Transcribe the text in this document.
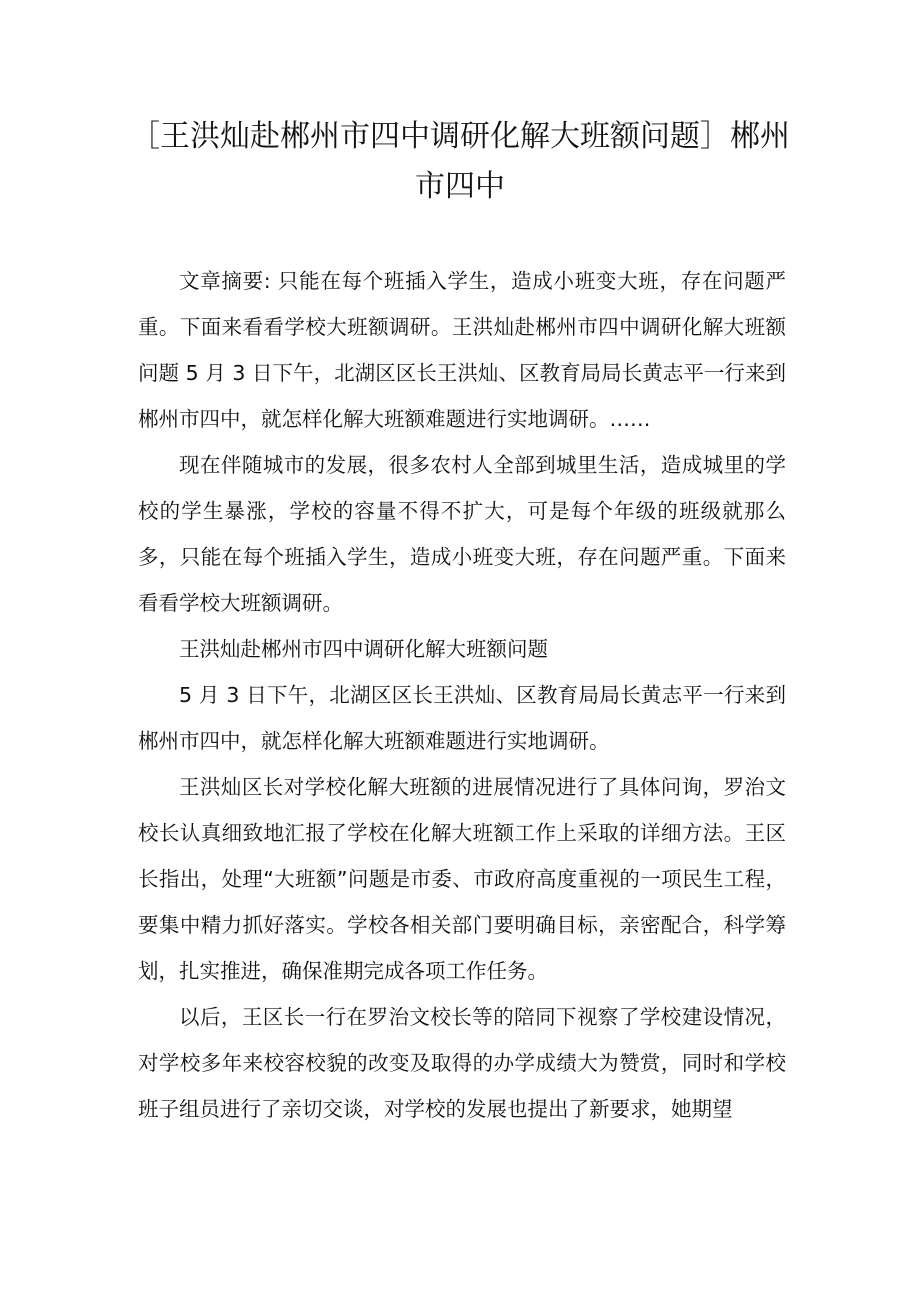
［王洪灿赴郴州市四中调研化解大班额问题］郴州市四中

文章摘要: 只能在每个班插入学生，造成小班变大班，存在问题严重。下面来看看学校大班额调研。王洪灿赴郴州市四中调研化解大班额问题 5 月 3 日下午，北湖区区长王洪灿、区教育局局长黄志平一行来到郴州市四中，就怎样化解大班额难题进行实地调研。……

现在伴随城市的发展，很多农村人全部到城里生活，造成城里的学校的学生暴涨，学校的容量不得不扩大，可是每个年级的班级就那么多，只能在每个班插入学生，造成小班变大班，存在问题严重。下面来看看学校大班额调研。

王洪灿赴郴州市四中调研化解大班额问题

5 月 3 日下午，北湖区区长王洪灿、区教育局局长黄志平一行来到郴州市四中，就怎样化解大班额难题进行实地调研。

王洪灿区长对学校化解大班额的进展情况进行了具体问询，罗治文校长认真细致地汇报了学校在化解大班额工作上采取的详细方法。王区长指出，处理“大班额”问题是市委、市政府高度重视的一项民生工程，要集中精力抓好落实。学校各相关部门要明确目标，亲密配合，科学筹划，扎实推进，确保准期完成各项工作任务。

以后，王区长一行在罗治文校长等的陪同下视察了学校建设情况，对学校多年来校容校貌的改变及取得的办学成绩大为赞赏，同时和学校班子组员进行了亲切交谈，对学校的发展也提出了新要求，她期望
